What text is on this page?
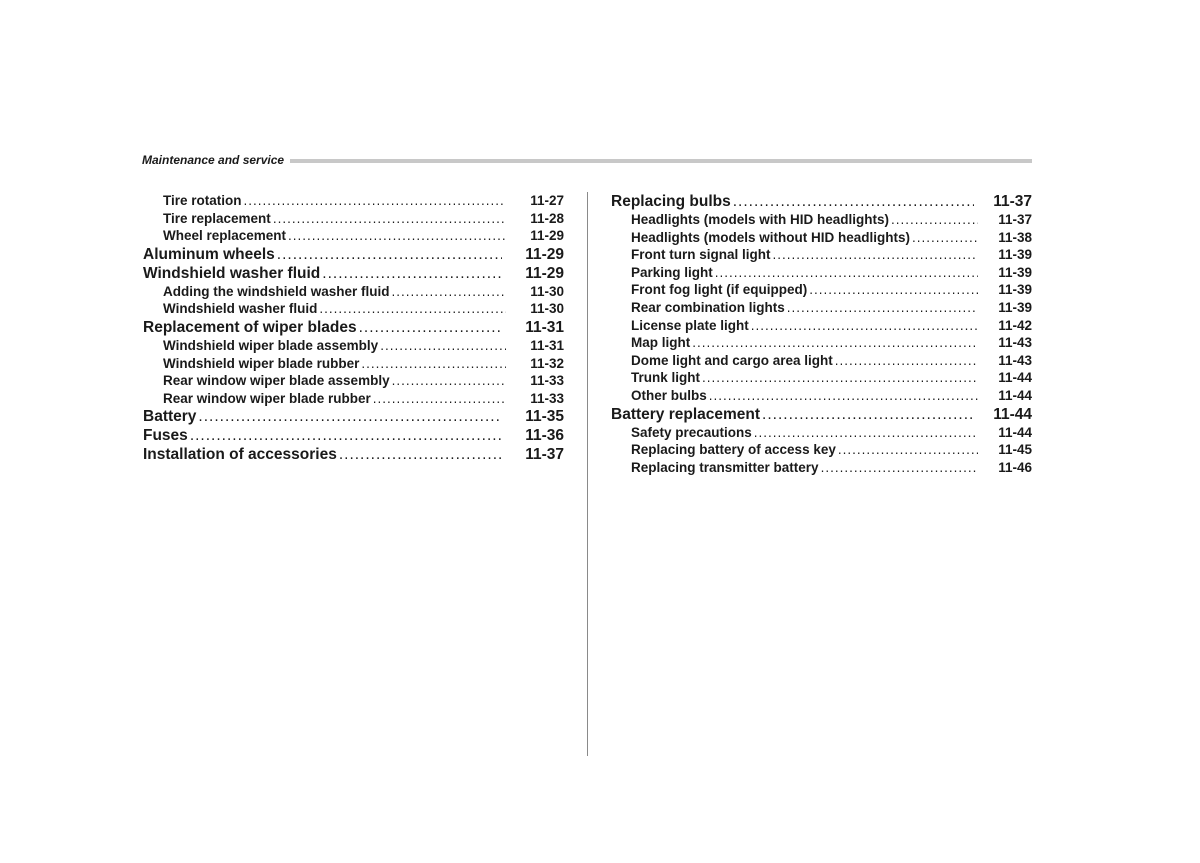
Maintenance and service
Tire rotation .....	11-27
Tire replacement .....	11-28
Wheel replacement .....	11-29
Aluminum wheels .....	11-29
Windshield washer fluid .....	11-29
Adding the windshield washer fluid .....	11-30
Windshield washer fluid .....	11-30
Replacement of wiper blades .....	11-31
Windshield wiper blade assembly .....	11-31
Windshield wiper blade rubber .....	11-32
Rear window wiper blade assembly .....	11-33
Rear window wiper blade rubber .....	11-33
Battery .....	11-35
Fuses .....	11-36
Installation of accessories .....	11-37
Replacing bulbs .....	11-37
Headlights (models with HID headlights) .....	11-37
Headlights (models without HID headlights) .....	11-38
Front turn signal light .....	11-39
Parking light .....	11-39
Front fog light (if equipped) .....	11-39
Rear combination lights .....	11-39
License plate light .....	11-42
Map light .....	11-43
Dome light and cargo area light .....	11-43
Trunk light .....	11-44
Other bulbs .....	11-44
Battery replacement .....	11-44
Safety precautions .....	11-44
Replacing battery of access key .....	11-45
Replacing transmitter battery .....	11-46
